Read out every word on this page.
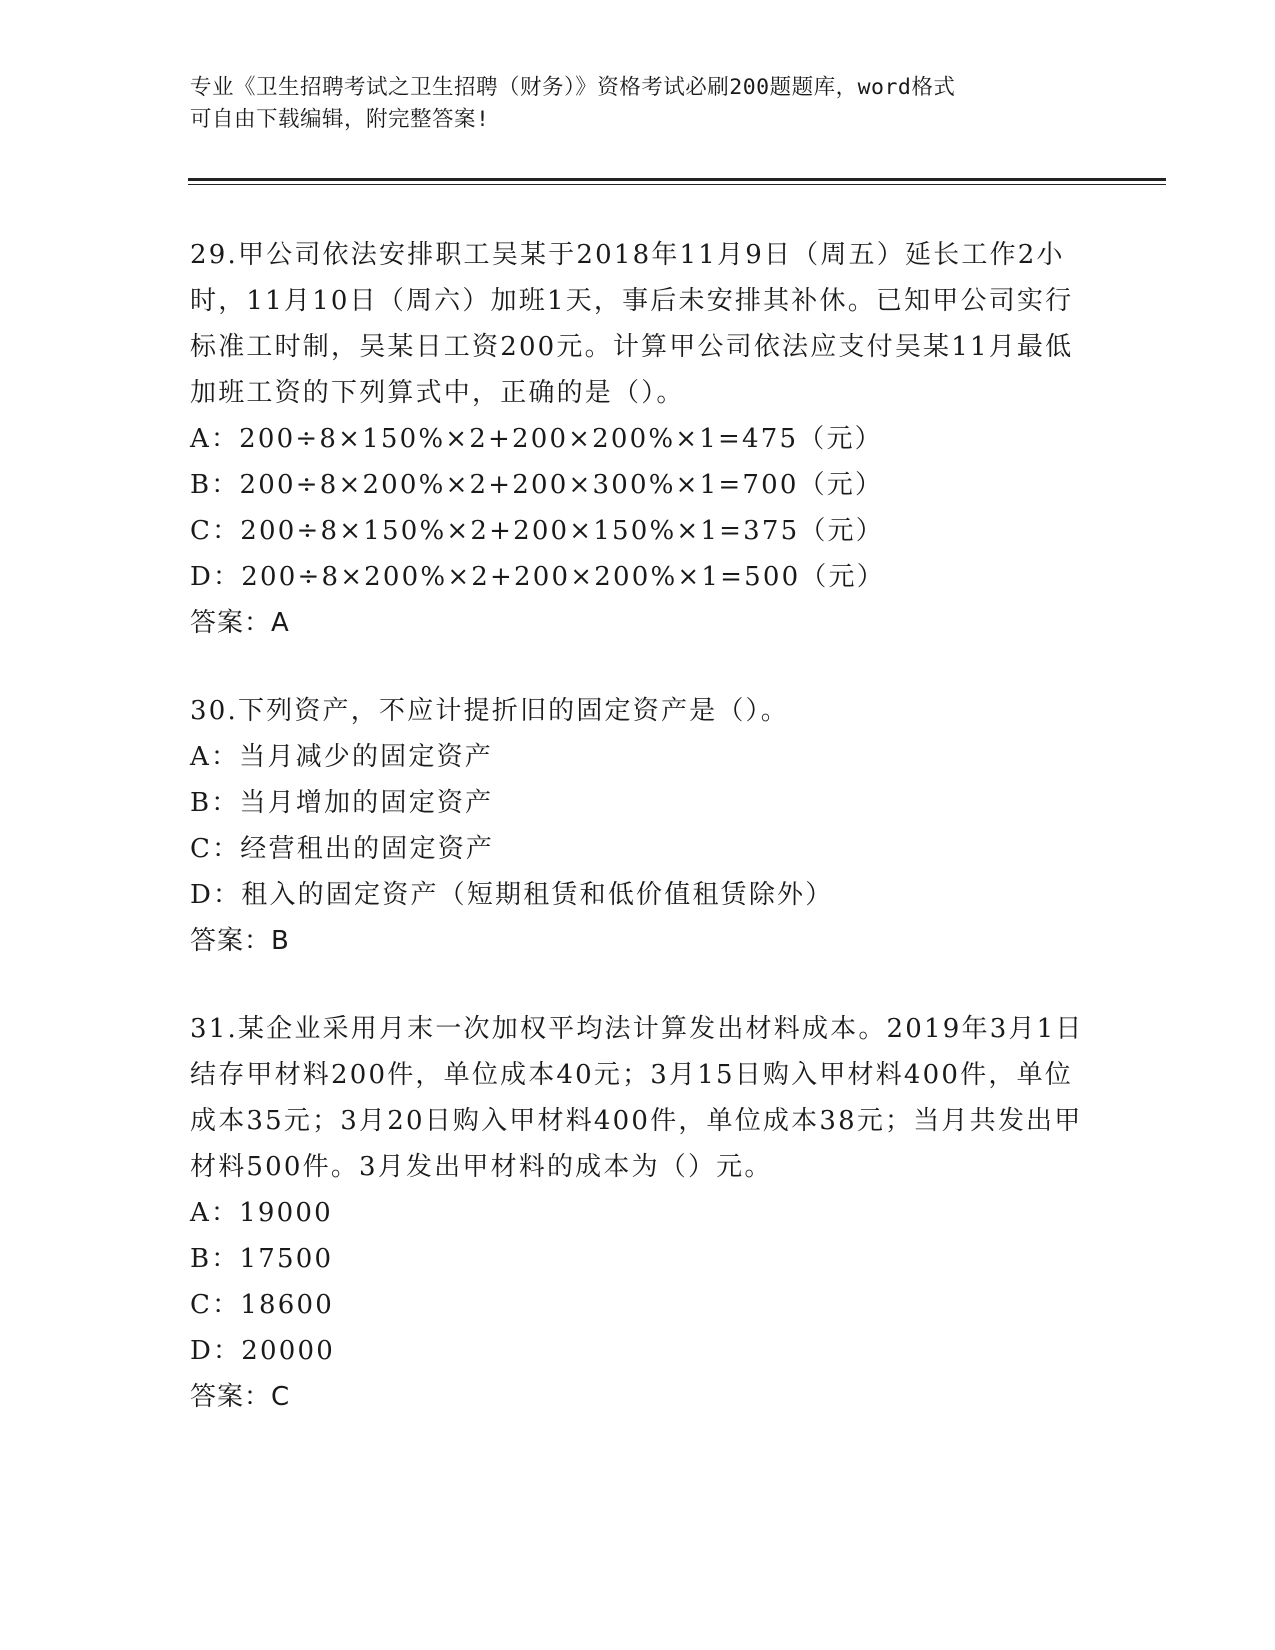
专业《卫生招聘考试之卫生招聘（财务）》资格考试必刷200题题库，word格式
可自由下载编辑，附完整答案!
29.甲公司依法安排职工吴某于2018年11月9日（周五）延长工作2小时，11月10日（周六）加班1天，事后未安排其补休。已知甲公司实行标准工时制，吴某日工资200元。计算甲公司依法应支付吴某11月最低加班工资的下列算式中，正确的是（）。
A：200÷8×150%×2+200×200%×1=475（元）
B：200÷8×200%×2+200×300%×1=700（元）
C：200÷8×150%×2+200×150%×1=375（元）
D：200÷8×200%×2+200×200%×1=500（元）
答案：A
30.下列资产，不应计提折旧的固定资产是（）。
A：当月减少的固定资产
B：当月增加的固定资产
C：经营租出的固定资产
D：租入的固定资产（短期租赁和低价值租赁除外）
答案：B
31.某企业采用月末一次加权平均法计算发出材料成本。2019年3月1日结存甲材料200件，单位成本40元；3月15日购入甲材料400件，单位成本35元；3月20日购入甲材料400件，单位成本38元；当月共发出甲材料500件。3月发出甲材料的成本为（）元。
A：19000
B：17500
C：18600
D：20000
答案：C
